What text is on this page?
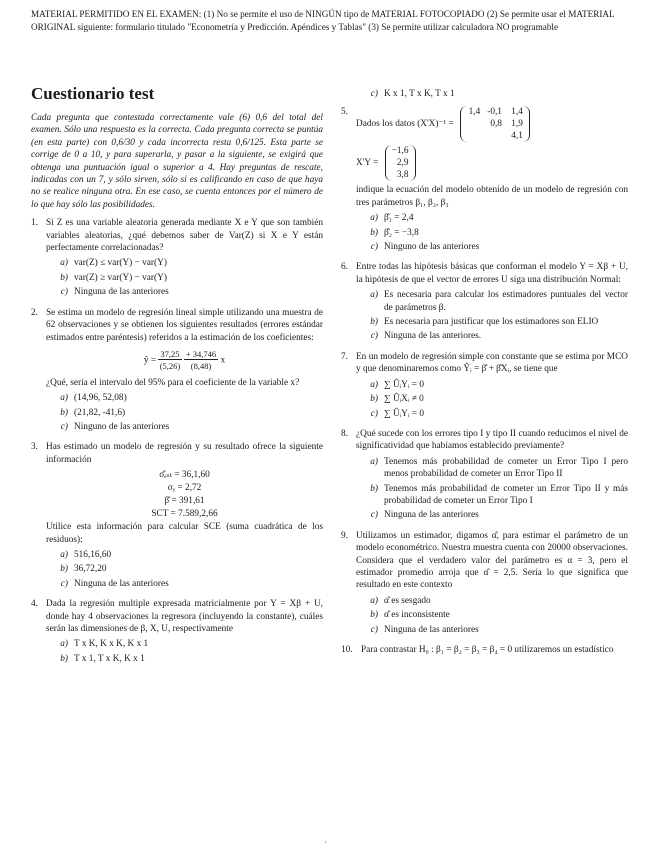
MATERIAL PERMITIDO EN EL EXAMEN: (1) No se permite el uso de NINGÚN tipo de MATERIAL FOTOCOPIADO (2) Se permite usar el MATERIAL ORIGINAL siguiente: formulario titulado "Econometría y Predicción. Apéndices y Tablas" (3) Se permite utilizar calculadora NO programable
Cuestionario test

Cada pregunta que contestada correctamente vale (6) 0,6 del total del examen. Sólo una respuesta es la correcta. Cada pregunta correcta se puntúa (en esta parte) con 0,6/30 y cada incorrecta resta 0,6/125. Esta parte se corrige de 0 a 10, y para superarla, y pasar a la siguiente, se exigirá que obtenga una puntuación igual o superior a 4. Hay preguntas de rescate, indicadas con un 7, y sólo sirven, sólo si es calificando en caso de que haya no se realice ninguna otra. En ese caso, se cuenta entonces por el número de lo que hay sólo las posibilidades.

1. Si Z es una variable aleatoria generada mediante X e Y que son también variables aleatorias, ¿qué debemos saber de Var(Z) si X e Y están perfectamente correlacionadas?

a) var(Z) ≤ var(Y) − var(Y)
b) var(Z) ≥ var(Y) − var(Y)
c) Ninguna de las anteriores
2. Se estima un modelo de regresión lineal simple utilizando una muestra de 62 observaciones y se obtienen los siguientes resultados (errores estándar estimados entre paréntesis) referidos a la estimación de los coeficientes:

ŷ = $\frac{37,25}{(5,26)} \frac{+ 34,746}{(8,48)}$ x

¿Qué, sería el intervalo del 95% para el coeficiente de la variable x?

a) (14,96, 52,08)
b) (21,82, -41,6)
c) Ninguno de las anteriores
3. Has estimado un modelo de regresión y su resultado ofrece la siguiente información

σ̂ₑₛₜ = 36,1,60
σᵧ = 2,72
β̂ = 391,61
SCT = 7.589,2,66

Utilice esta información para calcular SCE (suma cuadrática de los residuos):

a) 516,16,60
b) 36,72,20
c) Ninguna de las anteriores
4. Dada la regresión multiple expresada matricialmente por Y = Xβ + U, donde hay 4 observaciones la regresora (incluyendo la constante), cuáles serán las dimensiones de β, X, U, respectivamente

a) T x K, K x K, K x 1
b) T x 1, T x K, K x 1
c) K x 1, T x K, T x 1
5.
Dados los datos (X'X)⁻¹ =
1,4   -0,1    1,4
0,8    1,9
4,1
X'Y =
−1,6
2,9
3,8

indique la ecuación del modelo obtenido de un modelo de regresión con tres parámetros β₁, β₂, β₃

a) β̂₁ = 2,4
b) β̂₂ = −3,8
c) Ninguno de las anteriores
6. Entre todas las hipótesis básicas que conforman el modelo Y = Xβ + U, la hipótesis de que el vector de errores U siga una distribución Normal:

a) Es necesaria para calcular los estimadores puntuales del vector de parámetros β.
b) Es necesaria para justificar que los estimadores son ELIO
c) Ninguna de las anteriores.
7. En un modelo de regresión simple con constante que se estima por MCO y que denominaremos como Ŷᵢ = β̂ + β̂Xᵢ, se tiene que

a) ∑ ÛᵢYᵢ = 0
b) ∑ ÛᵢXᵢ ≠ 0
c) ∑ ÛᵢYᵢ = 0
8. ¿Qué sucede con los errores tipo I y tipo II cuando reducimos el nivel de significatividad que habíamos establecido previamente?

a) Tenemos más probabilidad de cometer un Error Tipo I pero menos probabilidad de cometer un Error Tipo II
b) Tenemos más probabilidad de cometer un Error Tipo II y más probabilidad de cometer un Error Tipo I
c) Ninguna de las anteriores
9. Utilizamos un estimador, digamos α̂, para estimar el parámetro de un modelo econométrico. Nuestra muestra cuenta con 20000 observaciones. Considera que el verdadero valor del parámetro es α = 3, pero el estimador promedio arroja que α̂ = 2,5. Sería lo que significa que resultado en este contexto

a) α̂ es sesgado
b) α̂ es inconsistente
c) Ninguna de las anteriores
10. Para contrastar H₀ : β₁ = β₂ = β₃ = β₄ = 0 utilizaremos un estadístico

·
